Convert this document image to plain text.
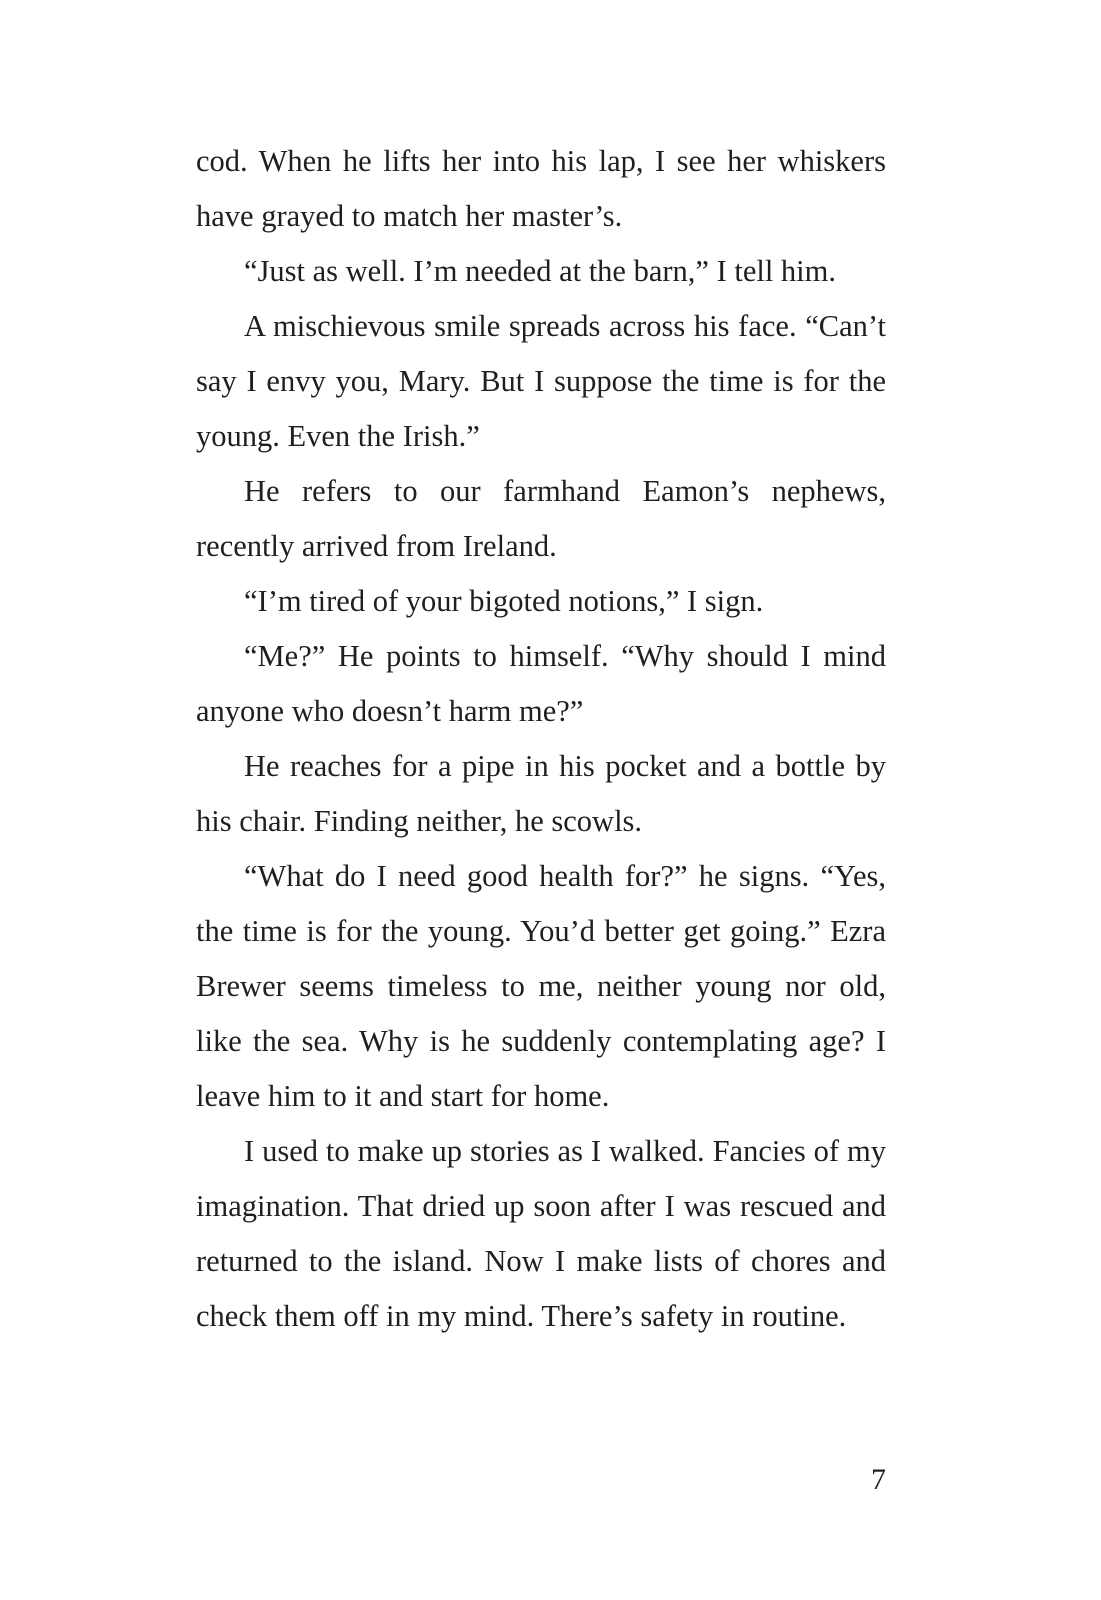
cod. When he lifts her into his lap, I see her whiskers have grayed to match her master’s.

“Just as well. I’m needed at the barn,” I tell him.

A mischievous smile spreads across his face. “Can’t say I envy you, Mary. But I suppose the time is for the young. Even the Irish.”

He refers to our farmhand Eamon’s nephews, recently arrived from Ireland.

“I’m tired of your bigoted notions,” I sign.

“Me?” He points to himself. “Why should I mind anyone who doesn’t harm me?”

He reaches for a pipe in his pocket and a bottle by his chair. Finding neither, he scowls.

“What do I need good health for?” he signs. “Yes, the time is for the young. You’d better get going.” Ezra Brewer seems timeless to me, neither young nor old, like the sea. Why is he suddenly contemplating age? I leave him to it and start for home.

I used to make up stories as I walked. Fancies of my imagination. That dried up soon after I was rescued and returned to the island. Now I make lists of chores and check them off in my mind. There’s safety in routine.

7
